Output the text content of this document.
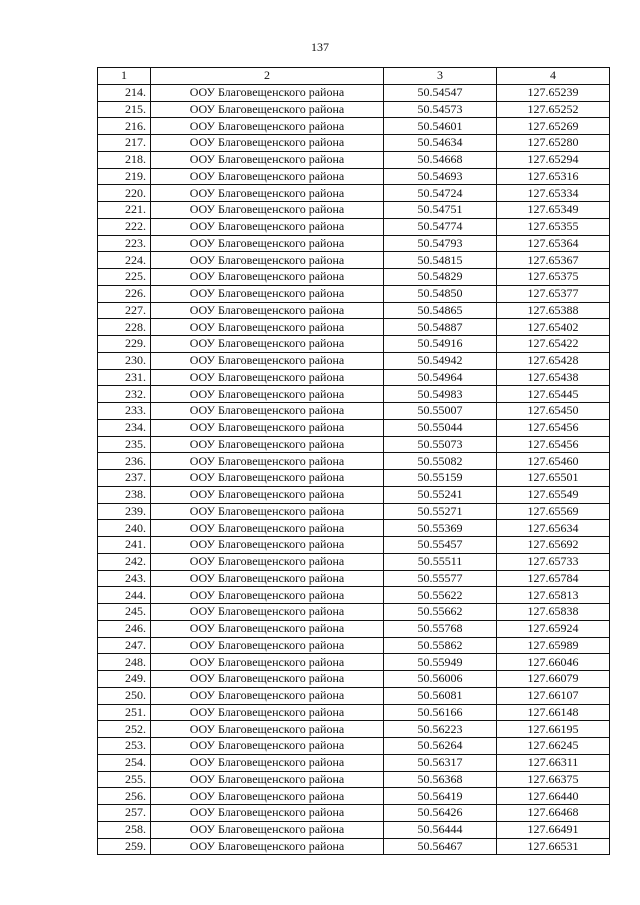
137
1	2	3	4
214.	ООУ Благовещенского района	50.54547	127.65239
215.	ООУ Благовещенского района	50.54573	127.65252
216.	ООУ Благовещенского района	50.54601	127.65269
217.	ООУ Благовещенского района	50.54634	127.65280
218.	ООУ Благовещенского района	50.54668	127.65294
219.	ООУ Благовещенского района	50.54693	127.65316
220.	ООУ Благовещенского района	50.54724	127.65334
221.	ООУ Благовещенского района	50.54751	127.65349
222.	ООУ Благовещенского района	50.54774	127.65355
223.	ООУ Благовещенского района	50.54793	127.65364
224.	ООУ Благовещенского района	50.54815	127.65367
225.	ООУ Благовещенского района	50.54829	127.65375
226.	ООУ Благовещенского района	50.54850	127.65377
227.	ООУ Благовещенского района	50.54865	127.65388
228.	ООУ Благовещенского района	50.54887	127.65402
229.	ООУ Благовещенского района	50.54916	127.65422
230.	ООУ Благовещенского района	50.54942	127.65428
231.	ООУ Благовещенского района	50.54964	127.65438
232.	ООУ Благовещенского района	50.54983	127.65445
233.	ООУ Благовещенского района	50.55007	127.65450
234.	ООУ Благовещенского района	50.55044	127.65456
235.	ООУ Благовещенского района	50.55073	127.65456
236.	ООУ Благовещенского района	50.55082	127.65460
237.	ООУ Благовещенского района	50.55159	127.65501
238.	ООУ Благовещенского района	50.55241	127.65549
239.	ООУ Благовещенского района	50.55271	127.65569
240.	ООУ Благовещенского района	50.55369	127.65634
241.	ООУ Благовещенского района	50.55457	127.65692
242.	ООУ Благовещенского района	50.55511	127.65733
243.	ООУ Благовещенского района	50.55577	127.65784
244.	ООУ Благовещенского района	50.55622	127.65813
245.	ООУ Благовещенского района	50.55662	127.65838
246.	ООУ Благовещенского района	50.55768	127.65924
247.	ООУ Благовещенского района	50.55862	127.65989
248.	ООУ Благовещенского района	50.55949	127.66046
249.	ООУ Благовещенского района	50.56006	127.66079
250.	ООУ Благовещенского района	50.56081	127.66107
251.	ООУ Благовещенского района	50.56166	127.66148
252.	ООУ Благовещенского района	50.56223	127.66195
253.	ООУ Благовещенского района	50.56264	127.66245
254.	ООУ Благовещенского района	50.56317	127.66311
255.	ООУ Благовещенского района	50.56368	127.66375
256.	ООУ Благовещенского района	50.56419	127.66440
257.	ООУ Благовещенского района	50.56426	127.66468
258.	ООУ Благовещенского района	50.56444	127.66491
259.	ООУ Благовещенского района	50.56467	127.66531
